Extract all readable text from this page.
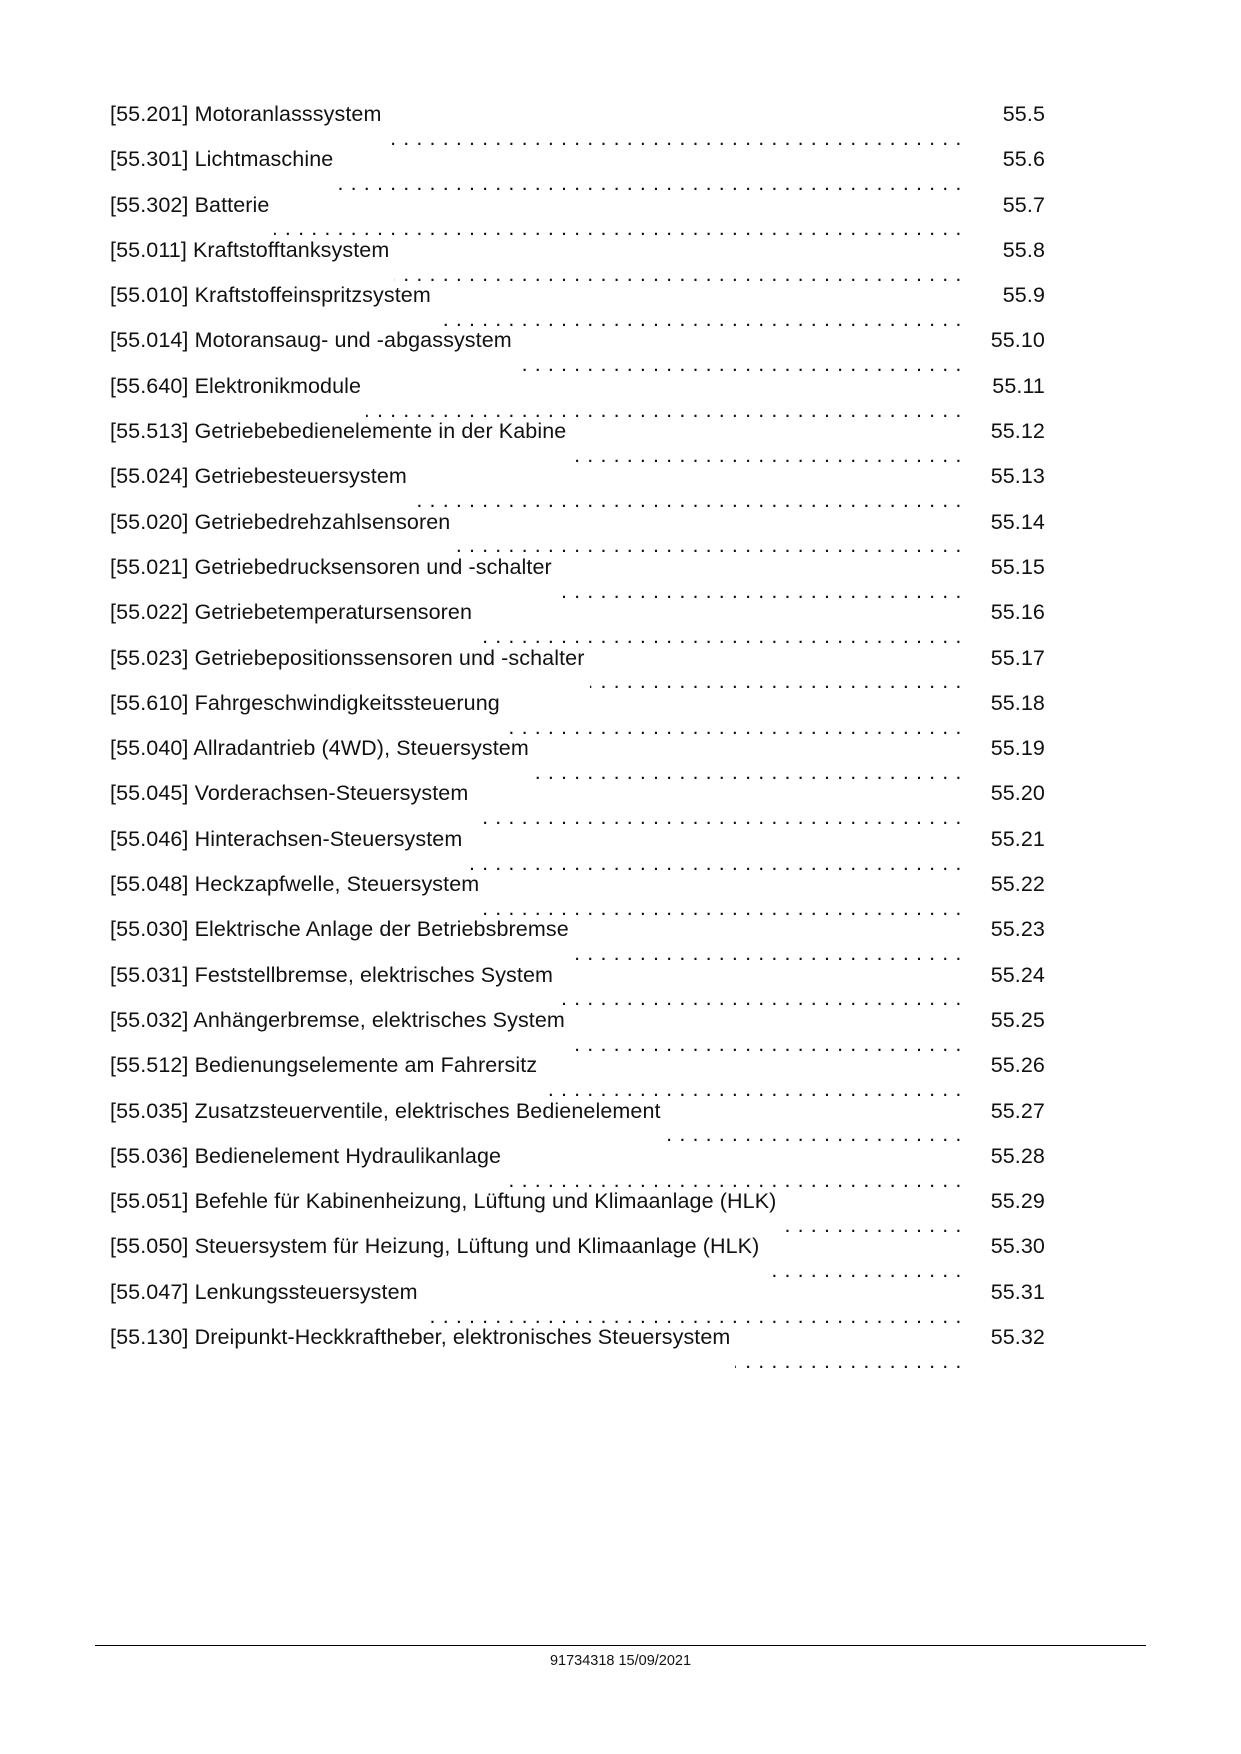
[55.201] Motoranlasssystem
. . .	55.5
[55.301] Lichtmaschine
. . .	55.6
[55.302] Batterie
. . .	55.7
[55.011] Kraftstofftanksystem
. . .	55.8
[55.010] Kraftstoffeinspritzsystem
. . .	55.9
[55.014] Motoransaug- und -abgassystem
. . .	55.10
[55.640] Elektronikmodule
. . .	55.11
[55.513] Getriebebedienelemente in der Kabine
. . .	55.12
[55.024] Getriebesteuersystem
. . .	55.13
[55.020] Getriebedrehzahlsensoren
. . .	55.14
[55.021] Getriebedrucksensoren und -schalter
. . .	55.15
[55.022] Getriebetemperatursensoren
. . .	55.16
[55.023] Getriebepositionssensoren und -schalter
. . .	55.17
[55.610] Fahrgeschwindigkeitssteuerung
. . .	55.18
[55.040] Allradantrieb (4WD), Steuersystem
. . .	55.19
[55.045] Vorderachsen-Steuersystem
. . .	55.20
[55.046] Hinterachsen-Steuersystem
. . .	55.21
[55.048] Heckzapfwelle, Steuersystem
. . .	55.22
[55.030] Elektrische Anlage der Betriebsbremse
. . .	55.23
[55.031] Feststellbremse, elektrisches System
. . .	55.24
[55.032] Anhängerbremse, elektrisches System
. . .	55.25
[55.512] Bedienungselemente am Fahrersitz
. . .	55.26
[55.035] Zusatzsteuerventile, elektrisches Bedienelement
. . .	55.27
[55.036] Bedienelement Hydraulikanlage
. . .	55.28
[55.051] Befehle für Kabinenheizung, Lüftung und Klimaanlage (HLK)
. . .	55.29
[55.050] Steuersystem für Heizung, Lüftung und Klimaanlage (HLK)
. . .	55.30
[55.047] Lenkungssteuersystem
. . .	55.31
[55.130] Dreipunkt-Heckkraftheber, elektronisches Steuersystem
. . .	55.32
91734318 15/09/2021
